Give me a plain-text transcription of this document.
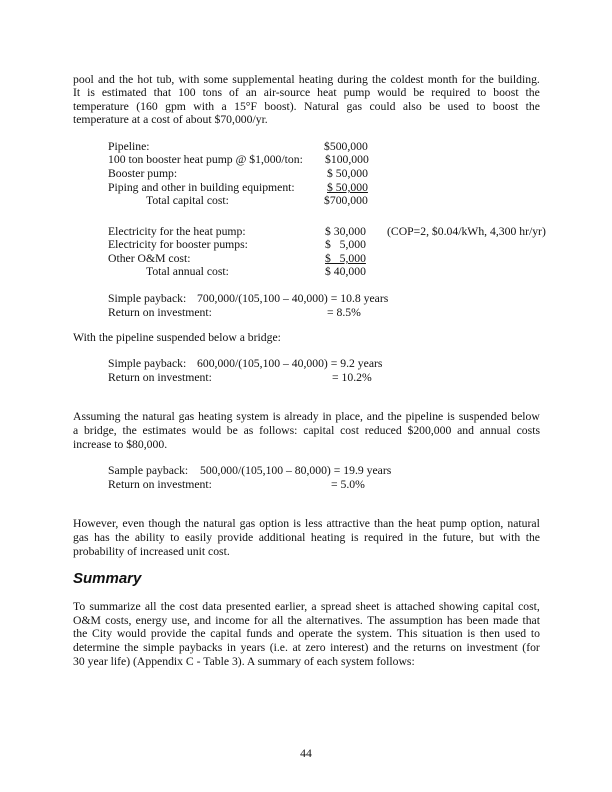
pool and the hot tub, with some supplemental heating during the coldest month for the building.
It is estimated that 100 tons of an air-source heat pump would be required to boost the
temperature (160 gpm with a 15°F boost). Natural gas could also be used to boost the
temperature at a cost of about $70,000/yr.
Pipeline:	$500,000
100 ton booster heat pump @ $1,000/ton: $100,000
Booster pump:	$ 50,000
Piping and other in building equipment:	$ 50,000
Total capital cost:	$700,000
Electricity for the heat pump:	$ 30,000 (COP=2, $0.04/kWh, 4,300 hr/yr)
Electricity for booster pumps:	$   5,000
Other O&M cost:	$   5,000
Total annual cost:	$ 40,000
Simple payback: 700,000/(105,100 – 40,000) = 10.8 years
Return on investment:	= 8.5%
With the pipeline suspended below a bridge:
Simple payback: 600,000/(105,100 – 40,000) = 9.2 years
Return on investment:	= 10.2%
Assuming the natural gas heating system is already in place, and the pipeline is suspended below
a bridge, the estimates would be as follows: capital cost reduced $200,000 and annual costs
increase to $80,000.
Sample payback: 500,000/(105,100 – 80,000) = 19.9 years
Return on investment:	= 5.0%
However, even though the natural gas option is less attractive than the heat pump option, natural
gas has the ability to easily provide additional heating is required in the future, but with the
probability of increased unit cost.
Summary
To summarize all the cost data presented earlier, a spread sheet is attached showing capital cost,
O&M costs, energy use, and income for all the alternatives. The assumption has been made that
the City would provide the capital funds and operate the system. This situation is then used to
determine the simple paybacks in years (i.e. at zero interest) and the returns on investment (for
30 year life) (Appendix C - Table 3). A summary of each system follows:
44
